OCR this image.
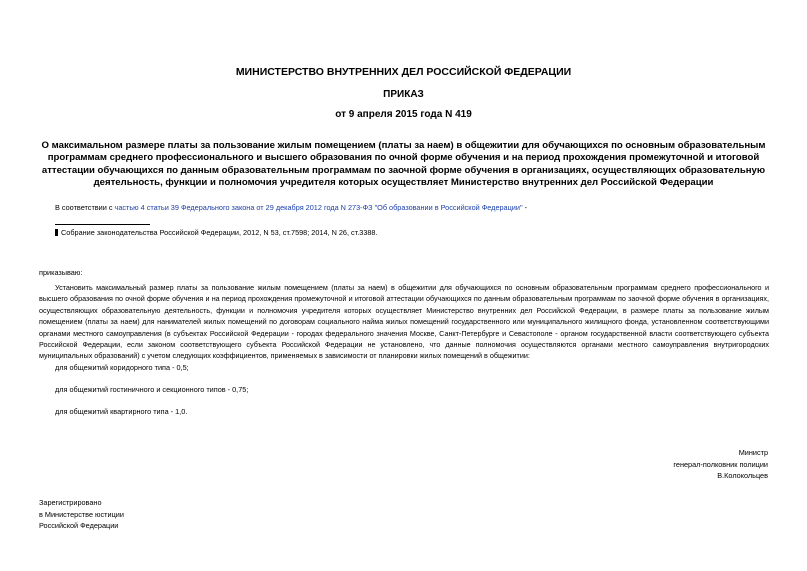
МИНИСТЕРСТВО ВНУТРЕННИХ ДЕЛ РОССИЙСКОЙ ФЕДЕРАЦИИ
ПРИКАЗ
от 9 апреля 2015 года N 419
О максимальном размере платы за пользование жилым помещением (платы за наем) в общежитии для обучающихся по основным образовательным программам среднего профессионального и высшего образования по очной форме обучения и на период прохождения промежуточной и итоговой аттестации обучающихся по данным образовательным программам по заочной форме обучения в организациях, осуществляющих образовательную деятельность, функции и полномочия учредителя которых осуществляет Министерство внутренних дел Российской Федерации
В соответствии с частью 4 статьи 39 Федерального закона от 29 декабря 2012 года N 273-ФЗ "Об образовании в Российской Федерации" -
Собрание законодательства Российской Федерации, 2012, N 53, ст.7598; 2014, N 26, ст.3388.
приказываю:

Установить максимальный размер платы за пользование жилым помещением (платы за наем) в общежитии для обучающихся по основным образовательным программам среднего профессионального и высшего образования по очной форме обучения и на период прохождения промежуточной и итоговой аттестации обучающихся по данным образовательным программам по заочной форме обучения в организациях, осуществляющих образовательную деятельность, функции и полномочия учредителя которых осуществляет Министерство внутренних дел Российской Федерации, в размере платы за пользование жилым помещением (платы за наем) для нанимателей жилых помещений по договорам социального найма жилых помещений государственного или муниципального жилищного фонда, установленном соответствующими органами местного самоуправления (в субъектах Российской Федерации - городах федерального значения Москве, Санкт-Петербурге и Севастополе - органом государственной власти соответствующего субъекта Российской Федерации, если законом соответствующего субъекта Российской Федерации не установлено, что данные полномочия осуществляются органами местного самоуправления внутригородских муниципальных образований) с учетом следующих коэффициентов, применяемых в зависимости от планировки жилых помещений в общежитии:

для общежитий коридорного типа - 0,5;
для общежитий гостиничного и секционного типов - 0,75;
для общежитий квартирного типа - 1,0.
Министр
генерал-полковник полиции
В.Колокольцев
Зарегистрировано
в Министерстве юстиции
Российской Федерации
